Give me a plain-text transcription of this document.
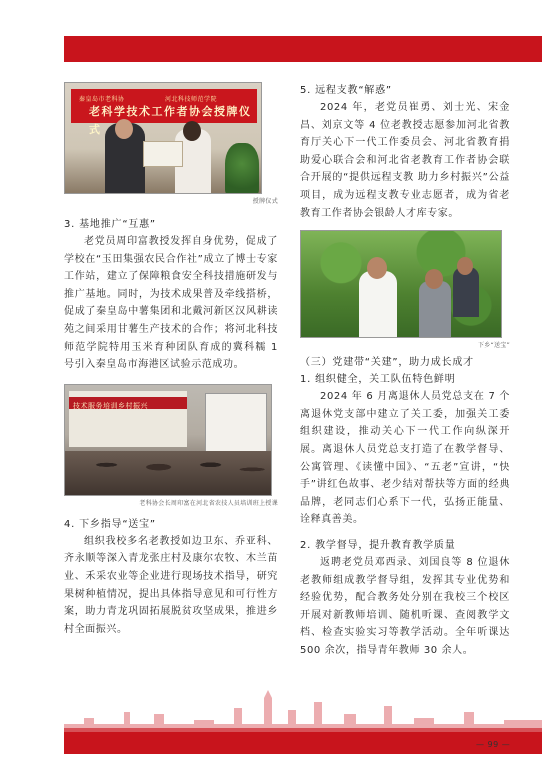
秦皇岛市老科协	河北科技师范学院
老科学技术工作者协会授牌仪式
授牌仪式
3. 基地推广“互惠”

老党员周印富教授发挥自身优势，促成了学校在“玉田集强农民合作社”成立了博士专家工作站，建立了保障粮食安全科技措施研发与推广基地。同时，为技术成果普及牵线搭桥，促成了秦皇岛中薯集团和北戴河新区汉风耕读苑之间采用甘薯生产技术的合作；将河北科技师范学院特用玉米育种团队育成的冀科糯 1 号引入秦皇岛市海港区试验示范成功。

技术服务培训乡村振兴
老科协会长周印富在河北省农技人员培训班上授课
4. 下乡指导“送宝”

组织我校多名老教授如边卫东、乔亚科、齐永顺等深入青龙张庄村及康尔农牧、木兰苗业、禾采农业等企业进行现场技术指导，研究果树种植情况，提出具体指导意见和可行性方案，助力青龙巩固拓展脱贫攻坚成果，推进乡村全面振兴。

5. 远程支教“解惑”

2024 年，老党员崔勇、刘士光、宋金昌、刘京文等 4 位老教授志愿参加河北省教育厅关心下一代工作委员会、河北省教育捐助爱心联合会和河北省老教育工作者协会联合开展的“提供远程支教 助力乡村振兴”公益项目，成为远程支教专业志愿者，成为省老教育工作者协会银龄人才库专家。

下乡“送宝”
（三）党建带“关建”，助力成长成才
1. 组织健全，关工队伍特色鲜明

2024 年 6 月离退休人员党总支在 7 个离退休党支部中建立了关工委，加强关工委组织建设，推动关心下一代工作向纵深开展。离退休人员党总支打造了在教学督导、公寓管理、《读懂中国》、“五老”宣讲，“快手”讲红色故事、老少结对帮扶等方面的经典品牌，老同志们心系下一代，弘扬正能量、诠释真善美。

2. 教学督导，提升教育教学质量

返聘老党员邓西录、刘国良等 8 位退休老教师组成教学督导组，发挥其专业优势和经验优势，配合教务处分别在我校三个校区开展对新教师培训、随机听课、查阅教学文档、检查实验实习等教学活动。全年听课达 500 余次，指导青年教师 30 余人。

— 99 —
